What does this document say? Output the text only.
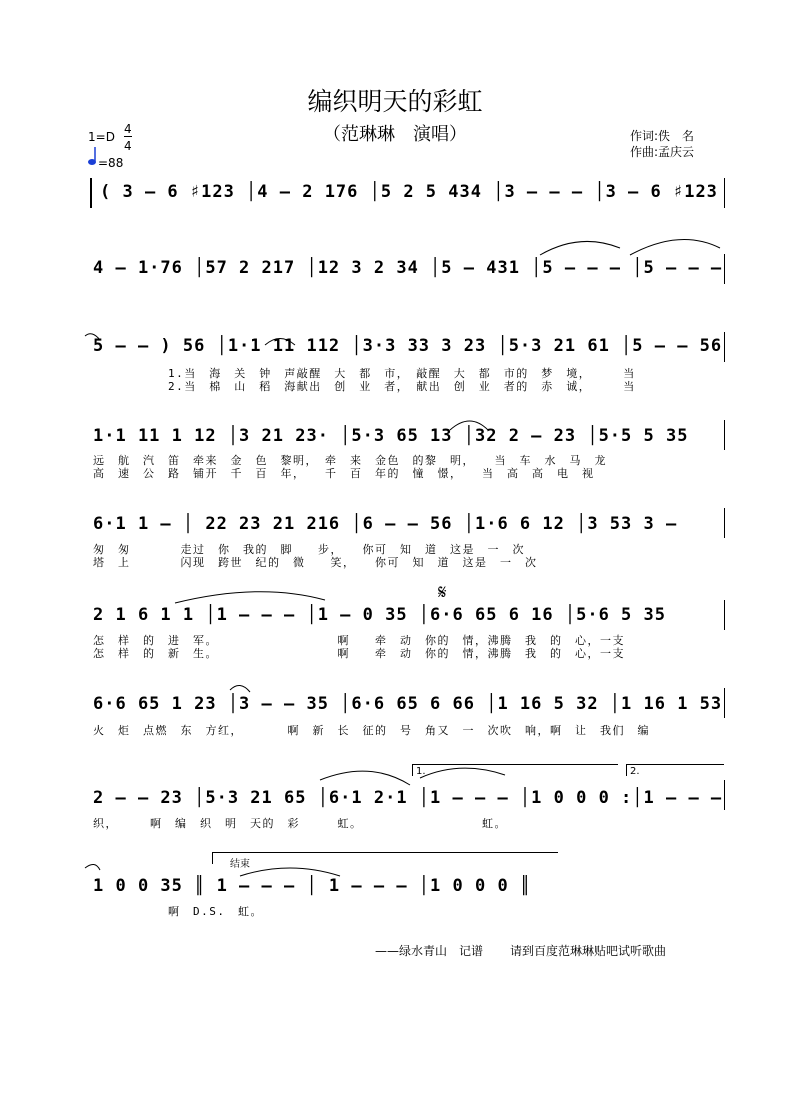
编织明天的彩虹
（范琳琳　演唱）
1=D
4
4
=88
作词:佚　名
作曲:孟庆云
( 3 – 6 ♯123 │4 – 2 176 │5 2 5 434 │3 – – – │3 – 6 ♯123
4 – 1·76 │57 2 217 │12 3 2 34 │5 – 431 │5 – – – │5 – – –
5 – – ) 56 │1·1 11 112 │3·3 33 3 23 │5·3 21 61 │5 – – 56
1.当　海　关　钟　声敲醒　大　都　市，　敲醒　大　都　市的　梦　境，　　　当
2.当　棉　山　稻　海献出　创　业　者，　献出　创　业　者的　赤　诚，　　　当
1·1 11 1 12 │3 21 23· │5·3 65 13 │32 2 – 23 │5·5 5 35
远　航　汽　笛　牵来　金　色　黎明，　牵　来　金色　的黎　明，　　当　车　水　马　龙
高　速　公　路　铺开　千　百　年，　　千　百　年的　憧　憬，　　当　高　高　电　视
6·1 1 – │ 22 23 21 216 │6 – – 56 │1·6 6 12 │3 53 3 –
匆　匆　　　　走过　你　我的　脚　　步，　　你可　知　道　这是　一　次
塔　上　　　　闪现　跨世　纪的　微　　笑，　　你可　知　道　这是　一　次
𝄋
2 1 6 1 1 │1 – – – │1 – 0 35 │6·6 65 6 16 │5·6 5 35
怎　样　的　进　军。　　　　　　　　　　啊　　牵　动　你的　情，沸腾　我　的　心，一支
怎　样　的　新　生。　　　　　　　　　　啊　　牵　动　你的　情，沸腾　我　的　心，一支
6·6 65 1 23 │3 – – 35 │6·6 65 6 66 │1 16 5 32 │1 16 1 53
火　炬　点燃　东　方红，　　　　啊　新　长　征的　号　角又　一　次吹　响，啊　让　我们　编
1.	2.
2 – – 23 │5·3 21 65 │6·1 2·1 │1 – – – │1 0 0 0 :│1 – – –
织，　　　啊　编　织　明　天的　彩　　　虹。　　　　　　　　　　虹。
结束
1 0 0 35 ║ 1 – – – │ 1 – – – │1 0 0 0 ║
啊　D.S.　虹。
——绿水青山　记谱 请到百度范琳琳贴吧试听歌曲
